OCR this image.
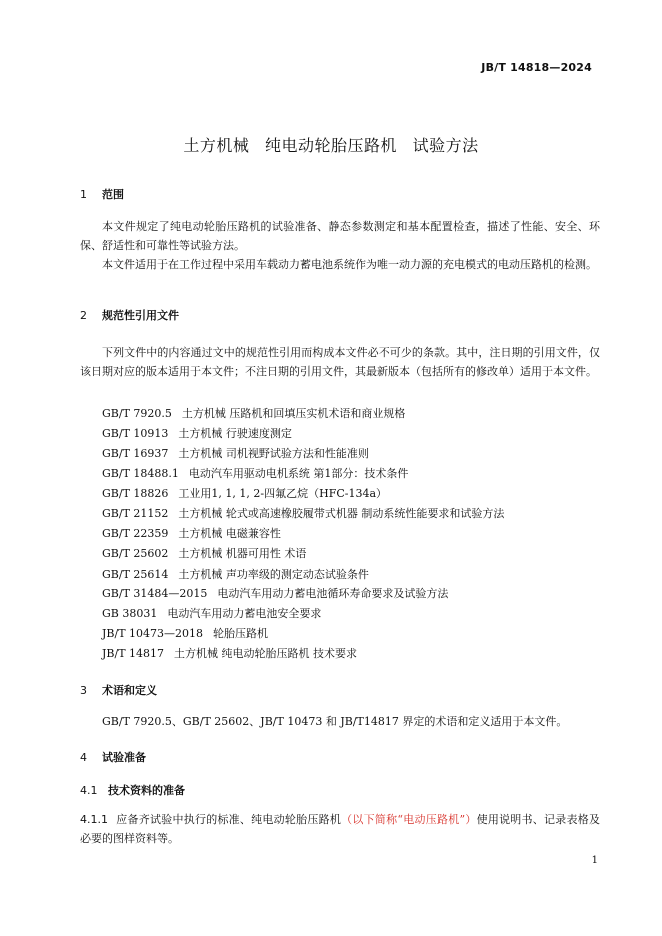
JB/T 14818—2024
土方机械 纯电动轮胎压路机 试验方法
1 范围
本文件规定了纯电动轮胎压路机的试验准备、静态参数测定和基本配置检查，描述了性能、安全、环保、舒适性和可靠性等试验方法。
本文件适用于在工作过程中采用车载动力蓄电池系统作为唯一动力源的充电模式的电动压路机的检测。
2 规范性引用文件
下列文件中的内容通过文中的规范性引用而构成本文件必不可少的条款。其中，注日期的引用文件，仅该日期对应的版本适用于本文件；不注日期的引用文件，其最新版本（包括所有的修改单）适用于本文件。
GB/T 7920.5 土方机械 压路机和回填压实机术语和商业规格
GB/T 10913 土方机械 行驶速度测定
GB/T 16937 土方机械 司机视野试验方法和性能准则
GB/T 18488.1 电动汽车用驱动电机系统 第1部分：技术条件
GB/T 18826 工业用1, 1, 1, 2-四氟乙烷（HFC-134a）
GB/T 21152 土方机械 轮式或高速橡胶履带式机器 制动系统性能要求和试验方法
GB/T 22359 土方机械 电磁兼容性
GB/T 25602 土方机械 机器可用性 术语
GB/T 25614 土方机械 声功率级的测定动态试验条件
GB/T 31484—2015 电动汽车用动力蓄电池循环寿命要求及试验方法
GB 38031 电动汽车用动力蓄电池安全要求
JB/T 10473—2018 轮胎压路机
JB/T 14817 土方机械 纯电动轮胎压路机 技术要求
3 术语和定义
GB/T 7920.5、GB/T 25602、JB/T 10473 和 JB/T14817 界定的术语和定义适用于本文件。
4 试验准备
4.1 技术资料的准备
4.1.1 应备齐试验中执行的标准、纯电动轮胎压路机（以下简称“电动压路机”）使用说明书、记录表格及必要的图样资料等。
1
